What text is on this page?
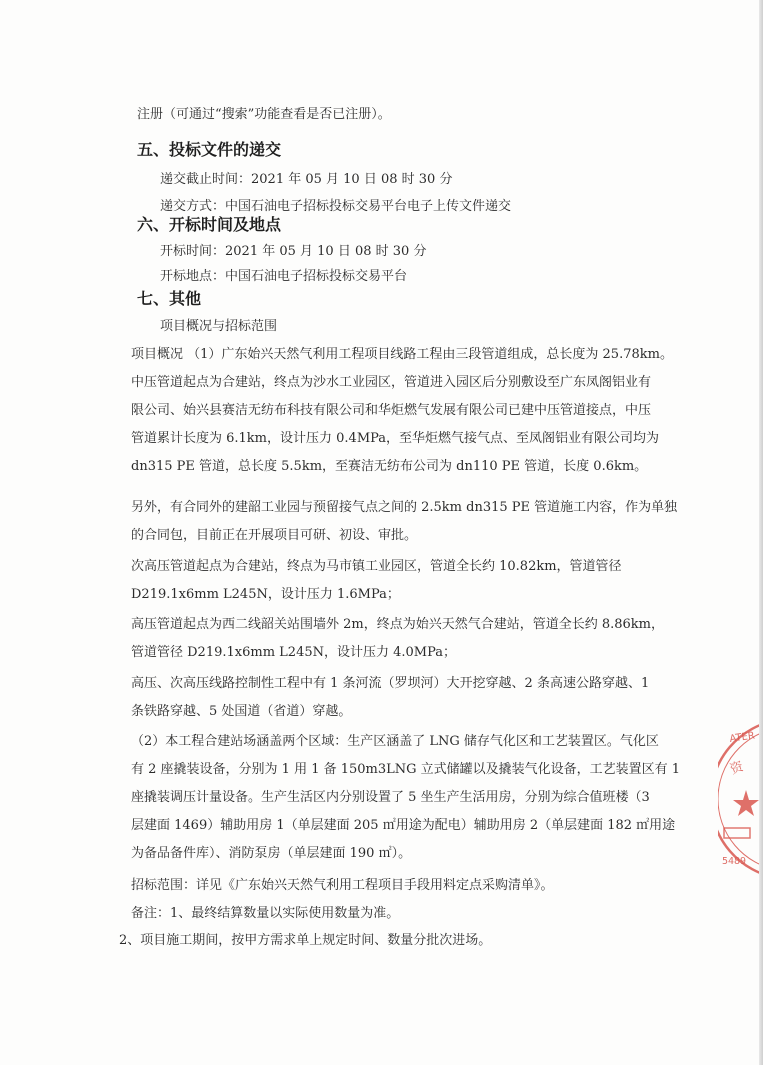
注册（可通过“搜索”功能查看是否已注册）。
五、投标文件的递交
递交截止时间：2021 年 05 月 10 日 08 时 30 分
递交方式：中国石油电子招标投标交易平台电子上传文件递交
六、开标时间及地点
开标时间：2021 年 05 月 10 日 08 时 30 分
开标地点：中国石油电子招标投标交易平台
七、其他
项目概况与招标范围
项目概况 （1）广东始兴天然气利用工程项目线路工程由三段管道组成，总长度为 25.78km。
中压管道起点为合建站，终点为沙水工业园区，管道进入园区后分别敷设至广东凤阁铝业有
限公司、始兴县赛洁无纺布科技有限公司和华炬燃气发展有限公司已建中压管道接点，中压
管道累计长度为 6.1km，设计压力 0.4MPa，至华炬燃气接气点、至凤阁铝业有限公司均为
dn315 PE 管道，总长度 5.5km，至赛洁无纺布公司为 dn110 PE 管道，长度 0.6km。
另外，有合同外的建韶工业园与预留接气点之间的 2.5km dn315 PE 管道施工内容，作为单独
的合同包，目前正在开展项目可研、初设、审批。
次高压管道起点为合建站，终点为马市镇工业园区，管道全长约 10.82km，管道管径
D219.1x6mm L245N，设计压力 1.6MPa；
高压管道起点为西二线韶关站围墙外 2m，终点为始兴天然气合建站，管道全长约 8.86km，
管道管径 D219.1x6mm L245N，设计压力 4.0MPa；
高压、次高压线路控制性工程中有 1 条河流（罗坝河）大开挖穿越、2 条高速公路穿越、1
条铁路穿越、5 处国道（省道）穿越。
（2）本工程合建站场涵盖两个区域：生产区涵盖了 LNG 储存气化区和工艺装置区。气化区
有 2 座撬装设备，分别为 1 用 1 备 150m3LNG 立式储罐以及撬装气化设备，工艺装置区有 1
座撬装调压计量设备。生产生活区内分别设置了 5 坐生产生活用房，分别为综合值班楼（3
层建面 1469）辅助用房 1（单层建面 205 ㎡用途为配电）辅助用房 2（单层建面 182 ㎡用途
为备品备件库）、消防泵房（单层建面 190 ㎡）。
招标范围：详见《广东始兴天然气利用工程项目手段用料定点采购清单》。
备注：1、最终结算数量以实际使用数量为准。
2、项目施工期间，按甲方需求单上规定时间、数量分批次进场。
ATER
资
5489
